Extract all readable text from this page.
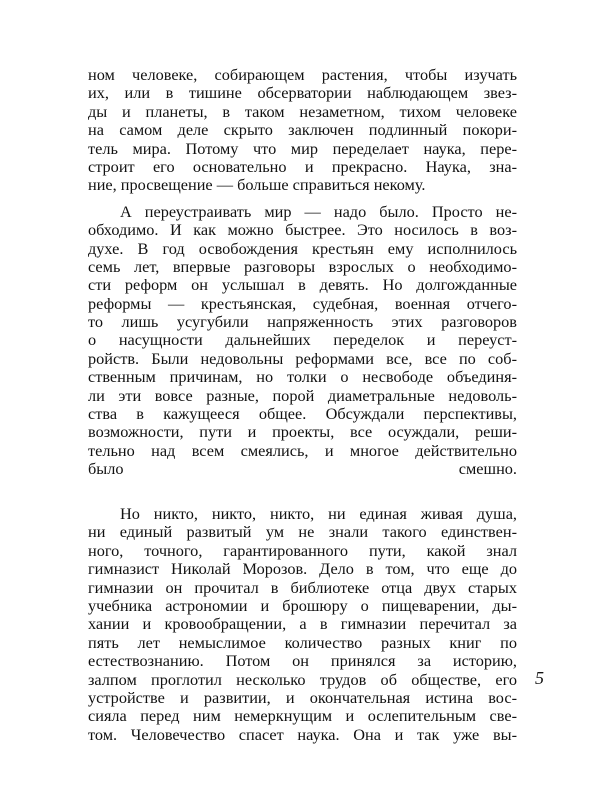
ном человеке, собирающем растения, чтобы изучать
их, или в тишине обсерватории наблюдающем звез-
ды и планеты, в таком незаметном, тихом человеке
на самом деле скрыто заключен подлинный покори-
тель мира. Потому что мир переделает наука, пере-
строит его основательно и прекрасно. Наука, зна-
ние, просвещение — больше справиться некому.
А переустраивать мир — надо было. Просто не-
обходимо. И как можно быстрее. Это носилось в воз-
духе. В год освобождения крестьян ему исполнилось
семь лет, впервые разговоры взрослых о необходимо-
сти реформ он услышал в девять. Но долгожданные
реформы — крестьянская, судебная, военная отчего-
то лишь усугубили напряженность этих разговоров
о насущности дальнейших переделок и переуст-
ройств. Были недовольны реформами все, все по соб-
ственным причинам, но толки о несвободе объединя-
ли эти вовсе разные, порой диаметральные недоволь-
ства в кажущееся общее. Обсуждали перспективы,
возможности, пути и проекты, все осуждали, реши-
тельно над всем смеялись, и многое действительно
было смешно.
Но никто, никто, никто, ни единая живая душа,
ни единый развитый ум не знали такого единствен-
ного, точного, гарантированного пути, какой знал
гимназист Николай Морозов. Дело в том, что еще до
гимназии он прочитал в библиотеке отца двух старых
учебника астрономии и брошюру о пищеварении, ды-
хании и кровообращении, а в гимназии перечитал за
пять лет немыслимое количество разных книг по
естествознанию. Потом он принялся за историю,
залпом проглотил несколько трудов об обществе, его
устройстве и развитии, и окончательная истина вос-
сияла перед ним немеркнущим и ослепительным све-
том. Человечество спасет наука. Она и так уже вы-
5
